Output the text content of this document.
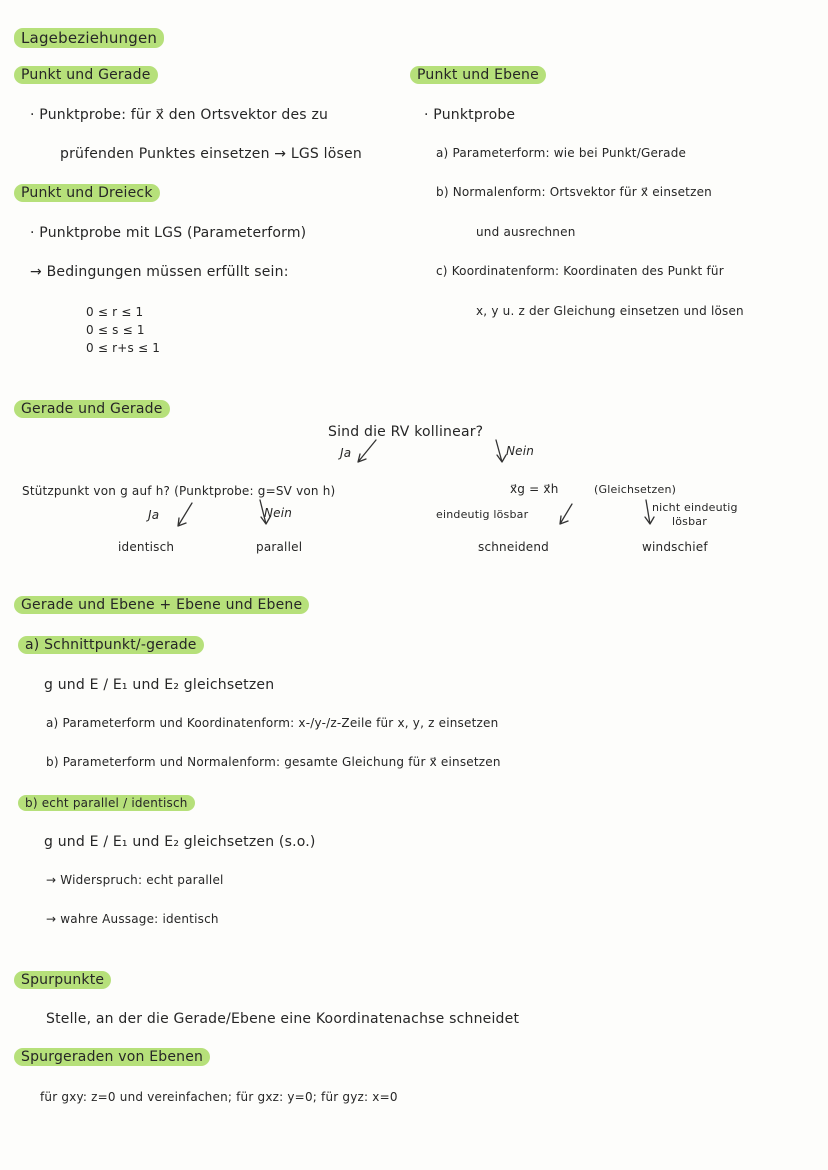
Lagebeziehungen
Punkt und Gerade
· Punktprobe: für x⃗ den Ortsvektor des zu
prüfenden Punktes einsetzen → LGS lösen
Punkt und Dreieck
· Punktprobe mit LGS (Parameterform)
→ Bedingungen müssen erfüllt sein:
0 ≤ r ≤ 1
0 ≤ s ≤ 1
0 ≤ r+s ≤ 1
Punkt und Ebene
· Punktprobe
a) Parameterform: wie bei Punkt/Gerade
b) Normalenform: Ortsvektor für x⃗ einsetzen
und ausrechnen
c) Koordinatenform: Koordinaten des Punkt für
x, y u. z der Gleichung einsetzen und lösen
Gerade und Gerade
Sind die RV kollinear?
Ja	Nein
Stützpunkt von g auf h? (Punktprobe: g=SV von h)
Ja	Nein
identisch	parallel
x⃗g = x⃗h	(Gleichsetzen)
eindeutig lösbar
nicht eindeutig
lösbar
schneidend	windschief
Gerade und Ebene + Ebene und Ebene
a) Schnittpunkt/-gerade
g und E / E₁ und E₂ gleichsetzen
a) Parameterform und Koordinatenform: x-/y-/z-Zeile für x, y, z einsetzen
b) Parameterform und Normalenform: gesamte Gleichung für x⃗ einsetzen
b) echt parallel / identisch
g und E / E₁ und E₂ gleichsetzen (s.o.)
→ Widerspruch: echt parallel
→ wahre Aussage: identisch
Spurpunkte
Stelle, an der die Gerade/Ebene eine Koordinatenachse schneidet
Spurgeraden von Ebenen
für gxy: z=0 und vereinfachen; für gxz: y=0; für gyz: x=0
